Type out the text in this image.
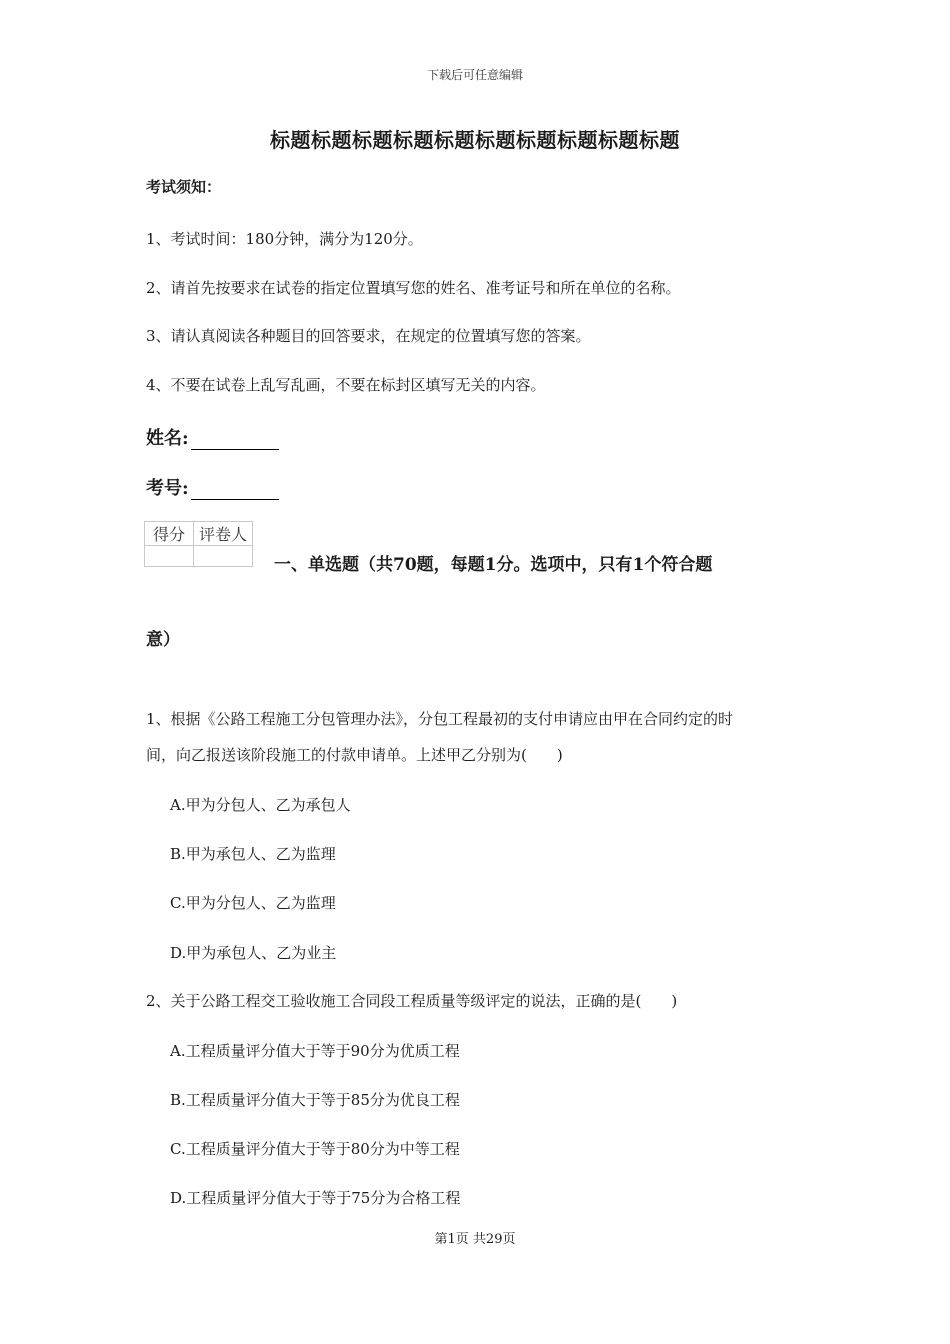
下载后可任意编辑
标题标题标题标题标题标题标题标题标题标题
考试须知：
1、考试时间：180分钟，满分为120分。
2、请首先按要求在试卷的指定位置填写您的姓名、准考证号和所在单位的名称。
3、请认真阅读各种题目的回答要求，在规定的位置填写您的答案。
4、不要在试卷上乱写乱画，不要在标封区填写无关的内容。
姓名:
考号:
得分	评卷人

一、单选题（共70题，每题1分。选项中，只有1个符合题
意）
1、根据《公路工程施工分包管理办法》，分包工程最初的支付申请应由甲在合同约定的时
间，向乙报送该阶段施工的付款申请单。上述甲乙分别为(　　)
A.甲为分包人、乙为承包人
B.甲为承包人、乙为监理
C.甲为分包人、乙为监理
D.甲为承包人、乙为业主
2、关于公路工程交工验收施工合同段工程质量等级评定的说法，正确的是(　　)
A.工程质量评分值大于等于90分为优质工程
B.工程质量评分值大于等于85分为优良工程
C.工程质量评分值大于等于80分为中等工程
D.工程质量评分值大于等于75分为合格工程
第1页 共29页
